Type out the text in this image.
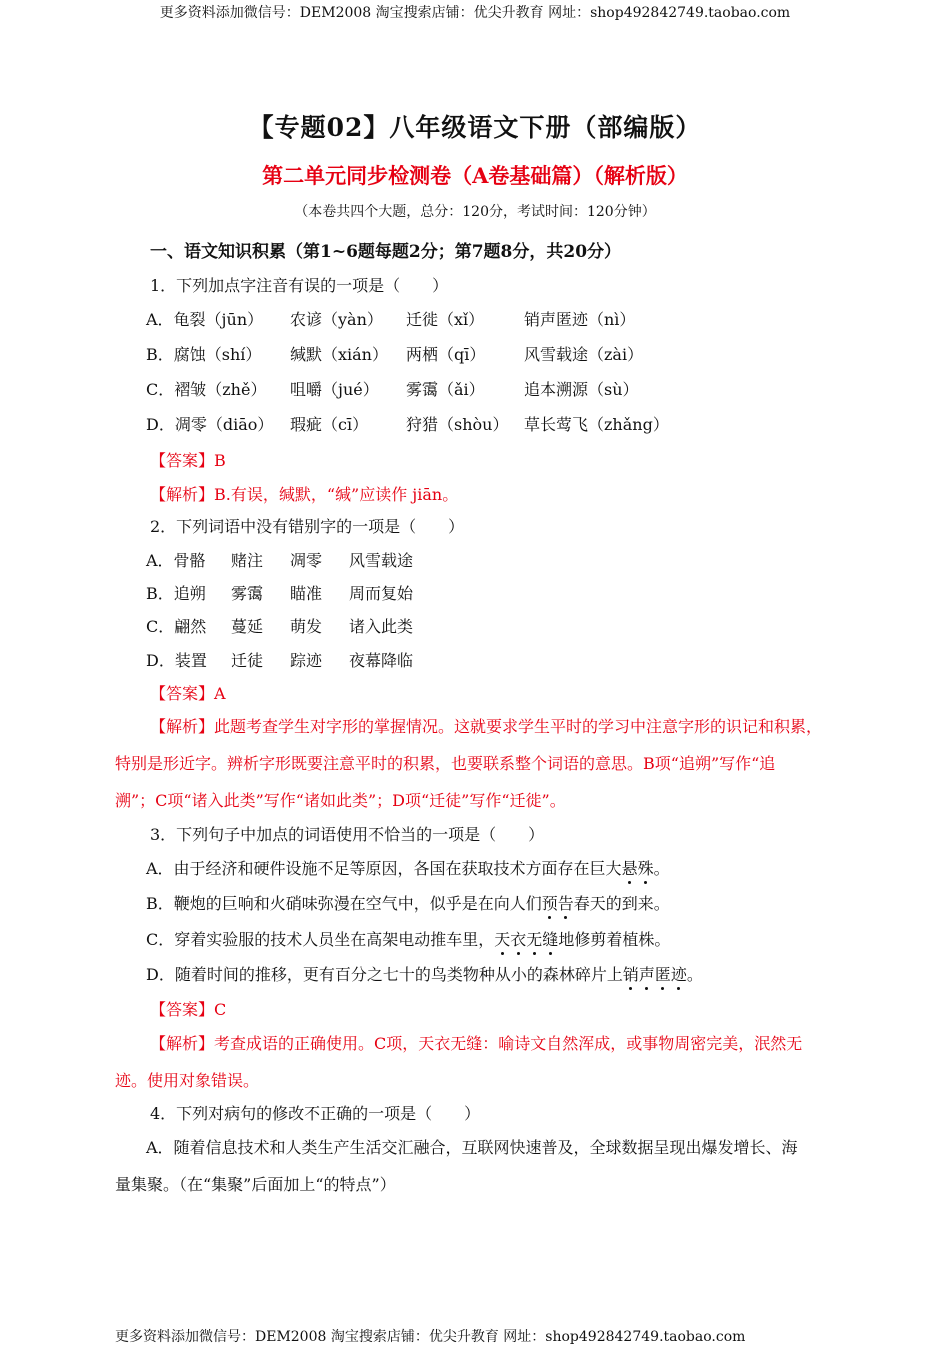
更多资料添加微信号：DEM2008 淘宝搜索店铺：优尖升教育 网址：shop492842749.taobao.com
【专题02】八年级语文下册（部编版）
第二单元同步检测卷（A卷基础篇）（解析版）
（本卷共四个大题，总分：120分，考试时间：120分钟）
一、语文知识积累（第1~6题每题2分；第7题8分，共20分）
1．下列加点字注音有误的一项是（　　）
A．龟裂（jūn） 农谚（yàn） 迁徙（xǐ） 销声匿迹（nì）
B．腐蚀（shí） 缄默（xián） 两栖（qī） 风雪载途（zài）
C．褶皱（zhě） 咀嚼（jué） 雾霭（ǎi） 追本溯源（sù）
D．凋零（diāo） 瑕疵（cī） 狩猎（shòu） 草长莺飞（zhǎng）
【答案】B
【解析】B.有误，缄默，“缄”应读作 jiān。
2．下列词语中没有错别字的一项是（　　）
A．骨骼 赌注 凋零 风雪载途
B．追朔 雾霭 瞄准 周而复始
C．翩然 蔓延 萌发 诸入此类
D．装置 迁徒 踪迹 夜幕降临
【答案】A
【解析】此题考查学生对字形的掌握情况。这就要求学生平时的学习中注意字形的识记和积累，
特别是形近字。辨析字形既要注意平时的积累，也要联系整个词语的意思。B项“追朔”写作“追
溯”；C项“诸入此类”写作“诸如此类”；D项“迁徒”写作“迁徙”。
3．下列句子中加点的词语使用不恰当的一项是（　　）
A．由于经济和硬件设施不足等原因，各国在获取技术方面存在巨大悬殊。
B．鞭炮的巨响和火硝味弥漫在空气中，似乎是在向人们预告春天的到来。
C．穿着实验服的技术人员坐在高架电动推车里，天衣无缝地修剪着植株。
D．随着时间的推移，更有百分之七十的鸟类物种从小的森林碎片上销声匿迹。
【答案】C
【解析】考查成语的正确使用。C项，天衣无缝：喻诗文自然浑成，或事物周密完美，泯然无
迹。使用对象错误。
4．下列对病句的修改不正确的一项是（　　）
A．随着信息技术和人类生产生活交汇融合，互联网快速普及，全球数据呈现出爆发增长、海
量集聚。（在“集聚”后面加上“的特点”）
更多资料添加微信号：DEM2008 淘宝搜索店铺：优尖升教育 网址：shop492842749.taobao.com
